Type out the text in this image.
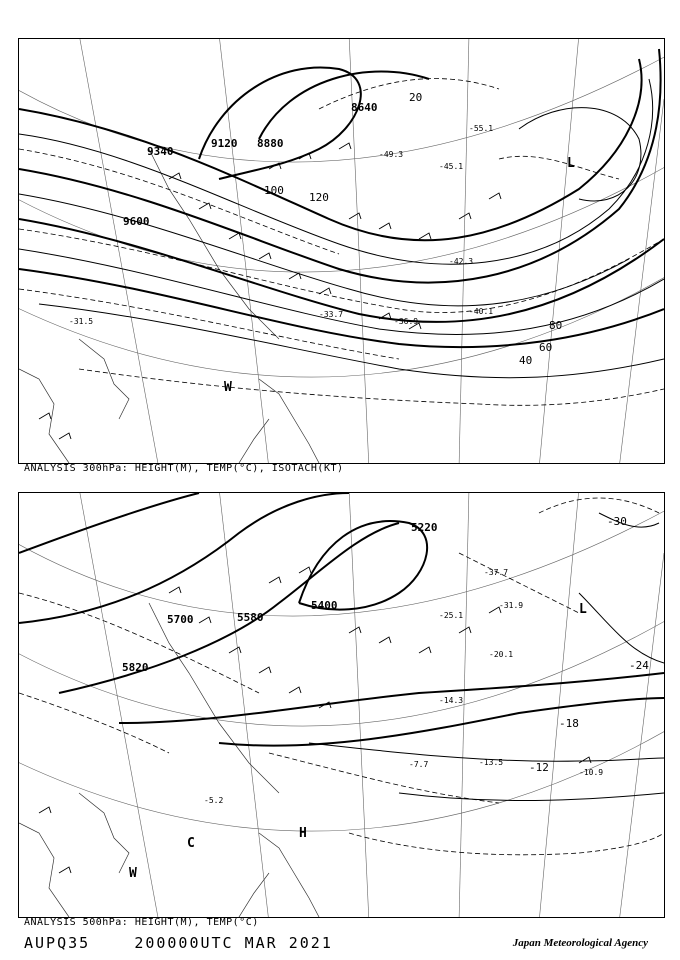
8640
8880
9120
9340
9600
20
40
60
80
100
120
-31.5
-33.7
-36.9
-40.1
-42.3
-45.1
-49.3
-55.1
L
W
ANALYSIS 300hPa: HEIGHT(M), TEMP(°C), ISOTACH(KT)
5220
5400
5580
5700
5820
-12
-18
-24
-30
-5.2
-7.7
-10.9
-13.5
-14.3
-20.1
-25.1
-31.9
-37.7
L
C
H
W
ANALYSIS 500hPa: HEIGHT(M), TEMP(°C)
AUPQ35	200000UTC MAR 2021	Japan Meteorological Agency
